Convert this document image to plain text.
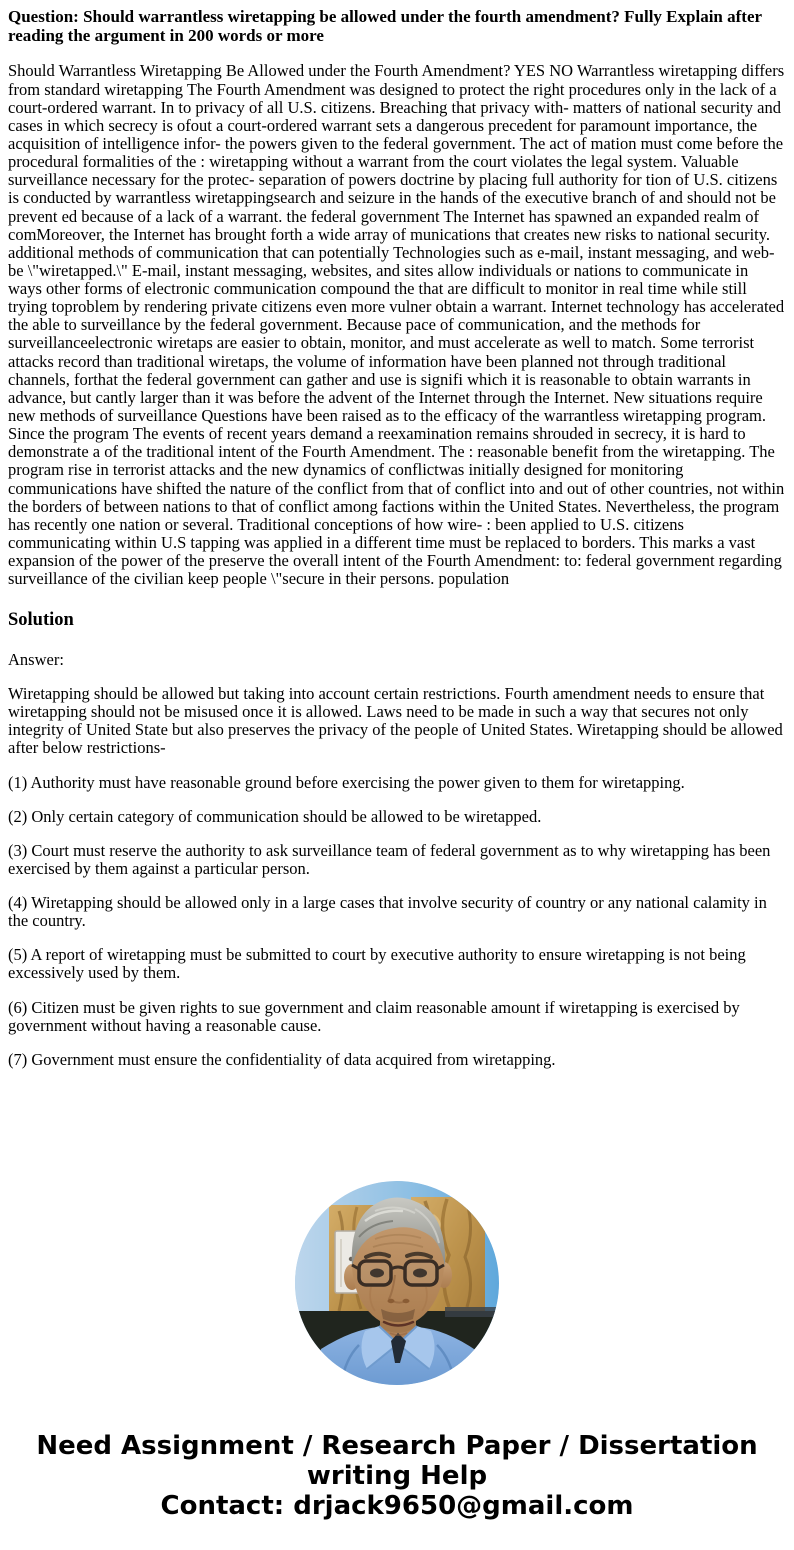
Question: Should warrantless wiretapping be allowed under the fourth amendment? Fully Explain after reading the argument in 200 words or more

Should Warrantless Wiretapping Be Allowed under the Fourth Amendment? YES NO Warrantless wiretapping differs from standard wiretapping The Fourth Amendment was designed to protect the right procedures only in the lack of a court-ordered warrant. In to privacy of all U.S. citizens. Breaching that privacy with- matters of national security and cases in which secrecy is ofout a court-ordered warrant sets a dangerous precedent for paramount importance, the acquisition of intelligence infor- the powers given to the federal government. The act of mation must come before the procedural formalities of the : wiretapping without a warrant from the court violates the legal system. Valuable surveillance necessary for the protec- separation of powers doctrine by placing full authority for tion of U.S. citizens is conducted by warrantless wiretappingsearch and seizure in the hands of the executive branch of and should not be prevent ed because of a lack of a warrant. the federal government The Internet has spawned an expanded realm of comMoreover, the Internet has brought forth a wide array of munications that creates new risks to national security. additional methods of communication that can potentially Technologies such as e-mail, instant messaging, and web- be \"wiretapped.\" E-mail, instant messaging, websites, and sites allow individuals or nations to communicate in ways other forms of electronic communication compound the that are difficult to monitor in real time while still trying toproblem by rendering private citizens even more vulner obtain a warrant. Internet technology has accelerated the able to surveillance by the federal government. Because pace of communication, and the methods for surveillanceelectronic wiretaps are easier to obtain, monitor, and must accelerate as well to match. Some terrorist attacks record than traditional wiretaps, the volume of information have been planned not through traditional channels, forthat the federal government can gather and use is signifi which it is reasonable to obtain warrants in advance, but cantly larger than it was before the advent of the Internet through the Internet. New situations require new methods of surveillance Questions have been raised as to the efficacy of the warrantless wiretapping program. Since the program The events of recent years demand a reexamination remains shrouded in secrecy, it is hard to demonstrate a of the traditional intent of the Fourth Amendment. The : reasonable benefit from the wiretapping. The program rise in terrorist attacks and the new dynamics of conflictwas initially designed for monitoring communications have shifted the nature of the conflict from that of conflict into and out of other countries, not within the borders of between nations to that of conflict among factions within the United States. Nevertheless, the program has recently one nation or several. Traditional conceptions of how wire- : been applied to U.S. citizens communicating within U.S tapping was applied in a different time must be replaced to borders. This marks a vast expansion of the power of the preserve the overall intent of the Fourth Amendment: to: federal government regarding surveillance of the civilian keep people \"secure in their persons. population

Solution

Answer:

Wiretapping should be allowed but taking into account certain restrictions. Fourth amendment needs to ensure that wiretapping should not be misused once it is allowed. Laws need to be made in such a way that secures not only integrity of United State but also preserves the privacy of the people of United States. Wiretapping should be allowed after below restrictions-

(1) Authority must have reasonable ground before exercising the power given to them for wiretapping.

(2) Only certain category of communication should be allowed to be wiretapped.

(3) Court must reserve the authority to ask surveillance team of federal government as to why wiretapping has been exercised by them against a particular person.

(4) Wiretapping should be allowed only in a large cases that involve security of country or any national calamity in the country.

(5) A report of wiretapping must be submitted to court by executive authority to ensure wiretapping is not being excessively used by them.

(6) Citizen must be given rights to sue government and claim reasonable amount if wiretapping is exercised by government without having a reasonable cause.

(7) Government must ensure the confidentiality of data acquired from wiretapping.

Need Assignment / Research Paper / Dissertation
writing Help
Contact: drjack9650@gmail.com
